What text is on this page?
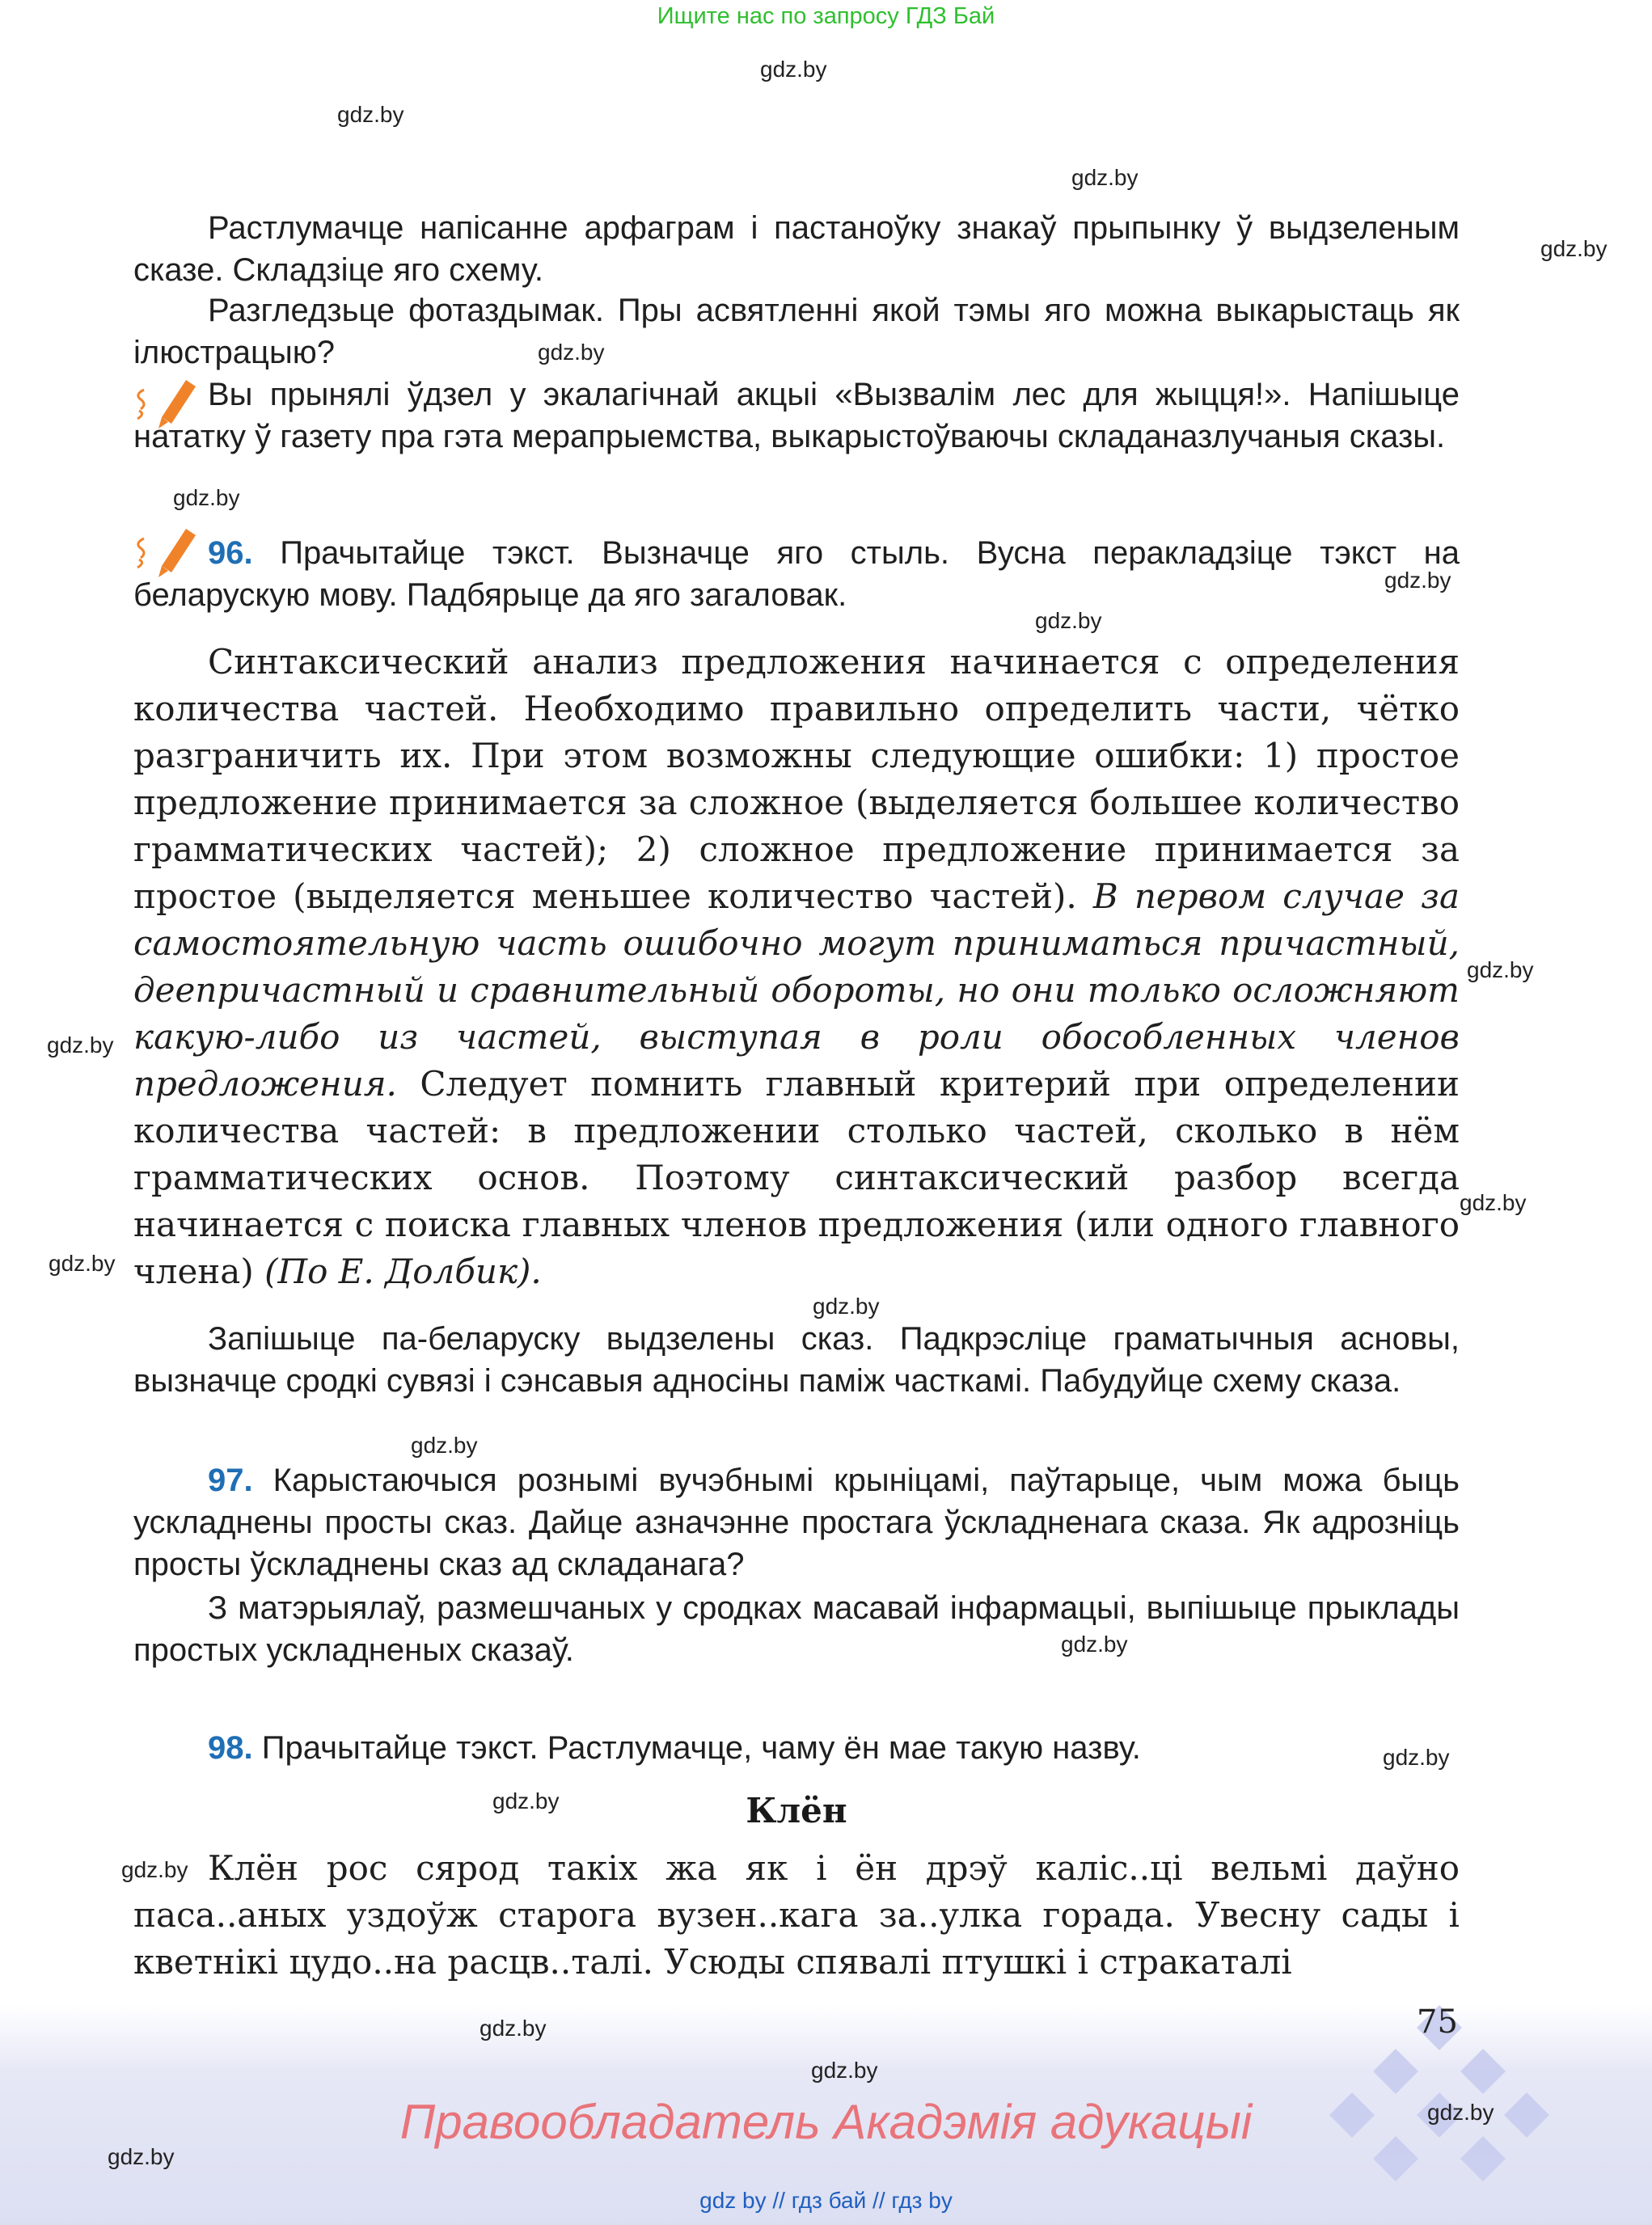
Ищите нас по запросу ГДЗ Бай
gdz.by
gdz.by
gdz.by
gdz.by
gdz.by
gdz.by
gdz.by
gdz.by
gdz.by
gdz.by
gdz.by
gdz.by
gdz.by
gdz.by
gdz.by
gdz.by
gdz.by
gdz.by

Растлумачце напісанне арфаграм і пастаноўку знакаў прыпынку ў выдзеленым сказе. Складзіце яго схему.

Разгледзьце фотаздымак. Пры асвятленні якой тэмы яго можна выкарыстаць як ілюстрацыю?

Вы прынялі ўдзел у экалагічнай акцыі «Вызвалім лес для жыцця!». Напішыце нататку ў газету пра гэта мерапрыемства, выкарыстоўваючы складаназлучаныя сказы.

96. Прачытайце тэкст. Вызначце яго стыль. Вусна перакладзіце тэкст на беларускую мову. Падбярыце да яго загаловак.

Синтаксический анализ предложения начинается с определения количества частей. Необходимо правильно определить части, чётко разграничить их. При этом возможны следующие ошибки: 1) простое предложение принимается за сложное (выделяется большее количество грамматических частей); 2) сложное предложение принимается за простое (выделяется меньшее количество частей). В первом случае за самостоятельную часть ошибочно могут приниматься причастный, деепричастный и сравнительный обороты, но они только осложняют какую-либо из частей, выступая в роли обособленных членов предложения. Следует помнить главный критерий при определении количества частей: в предложении столько частей, сколько в нём грамматических основ. Поэтому синтаксический разбор всегда начинается с поиска главных членов предложения (или одного главного члена) (По Е. Долбик).

Запішыце па-беларуску выдзелены сказ. Падкрэсліце граматычныя асновы, вызначце сродкі сувязі і сэнсавыя адносіны паміж часткамі. Пабудуйце схему сказа.

97. Карыстаючыся рознымі вучэбнымі крыніцамі, паўтарыце, чым можа быць ускладнены просты сказ. Дайце азначэнне простага ўскладненага сказа. Як адрозніць просты ўскладнены сказ ад складанага?

З матэрыялаў, размешчаных у сродках масавай інфармацыі, выпішыце прыклады простых ускладненых сказаў.

98. Прачытайце тэкст. Растлумачце, чаму ён мае такую назву.

Клён

Клён рос сярод такіх жа як і ён дрэў каліс..ці вельмі даўно паса..аных уздоўж старога вузен..кага за..улка горада. Увесну сады і кветнікі цудо..на расцв..талі. Усюды спявалі птушкі і стракаталі

75
gdz.by
gdz.by
Правообладатель Акадэмія адукацыі	gdz.by
gdz.by
gdz by // гдз бай // гдз by
